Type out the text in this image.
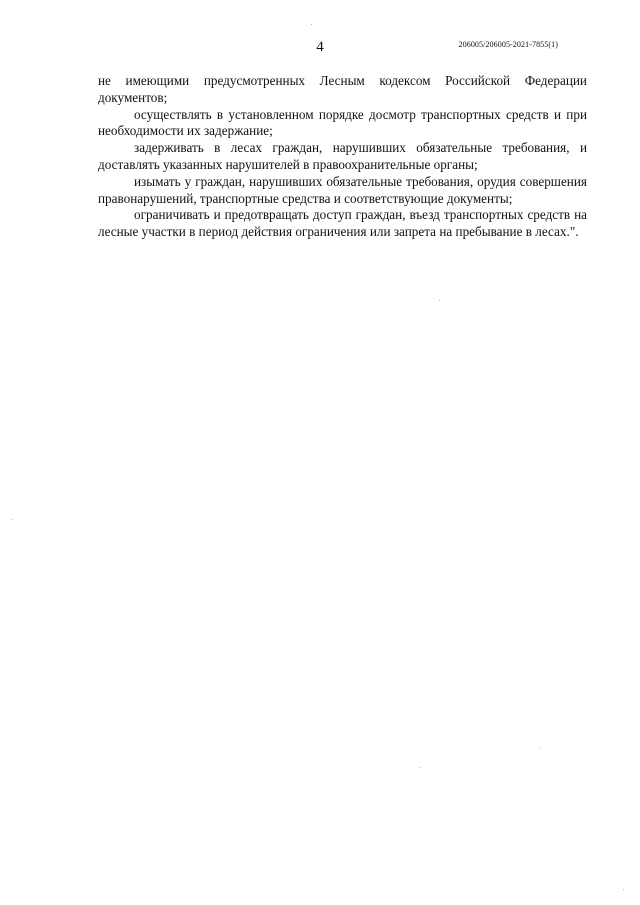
4	206005/206005-2021-7855(1)

не имеющими предусмотренных Лесным кодексом Российской Федерации документов;

осуществлять в установленном порядке досмотр транспортных средств и при необходимости их задержание;

задерживать в лесах граждан, нарушивших обязательные требования, и доставлять указанных нарушителей в правоохранительные органы;

изымать у граждан, нарушивших обязательные требования, орудия совершения правонарушений, транспортные средства и соответствующие документы;

ограничивать и предотвращать доступ граждан, въезд транспортных средств на лесные участки в период действия ограничения или запрета на пребывание в лесах.".
